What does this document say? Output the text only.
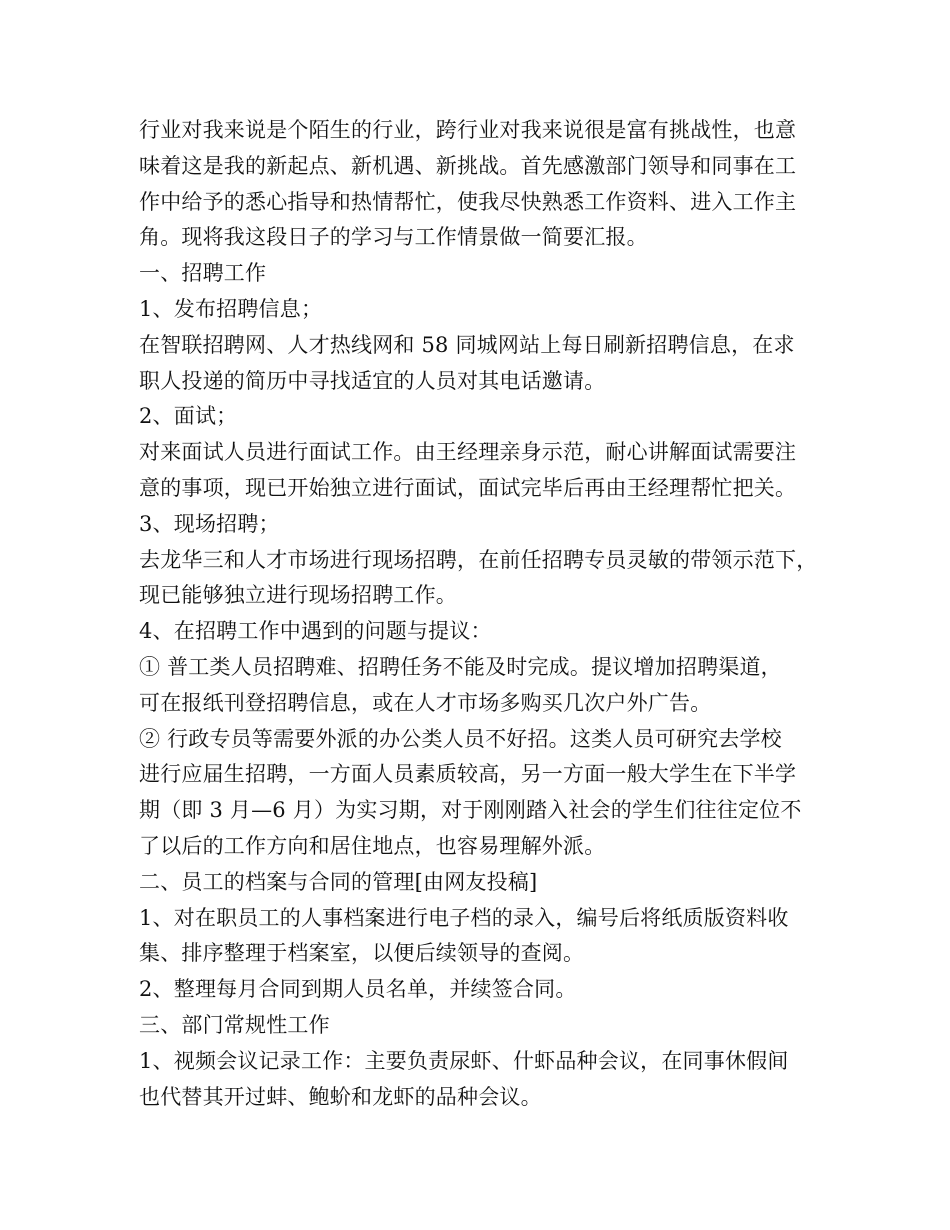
行业对我来说是个陌生的行业，跨行业对我来说很是富有挑战性，也意
味着这是我的新起点、新机遇、新挑战。首先感激部门领导和同事在工
作中给予的悉心指导和热情帮忙，使我尽快熟悉工作资料、进入工作主
角。现将我这段日子的学习与工作情景做一简要汇报。
一、招聘工作
1、发布招聘信息；
在智联招聘网、人才热线网和 58 同城网站上每日刷新招聘信息，在求
职人投递的简历中寻找适宜的人员对其电话邀请。
2、面试；
对来面试人员进行面试工作。由王经理亲身示范，耐心讲解面试需要注
意的事项，现已开始独立进行面试，面试完毕后再由王经理帮忙把关。
3、现场招聘；
去龙华三和人才市场进行现场招聘，在前任招聘专员灵敏的带领示范下，
现已能够独立进行现场招聘工作。
4、在招聘工作中遇到的问题与提议：
① 普工类人员招聘难、招聘任务不能及时完成。提议增加招聘渠道，
可在报纸刊登招聘信息，或在人才市场多购买几次户外广告。
② 行政专员等需要外派的办公类人员不好招。这类人员可研究去学校
进行应届生招聘，一方面人员素质较高，另一方面一般大学生在下半学
期（即 3 月—6 月）为实习期，对于刚刚踏入社会的学生们往往定位不
了以后的工作方向和居住地点，也容易理解外派。
二、员工的档案与合同的管理[由网友投稿]
1、对在职员工的人事档案进行电子档的录入，编号后将纸质版资料收
集、排序整理于档案室，以便后续领导的查阅。
2、整理每月合同到期人员名单，并续签合同。
三、部门常规性工作
1、视频会议记录工作：主要负责尿虾、什虾品种会议，在同事休假间
也代替其开过蚌、鲍蚧和龙虾的品种会议。
